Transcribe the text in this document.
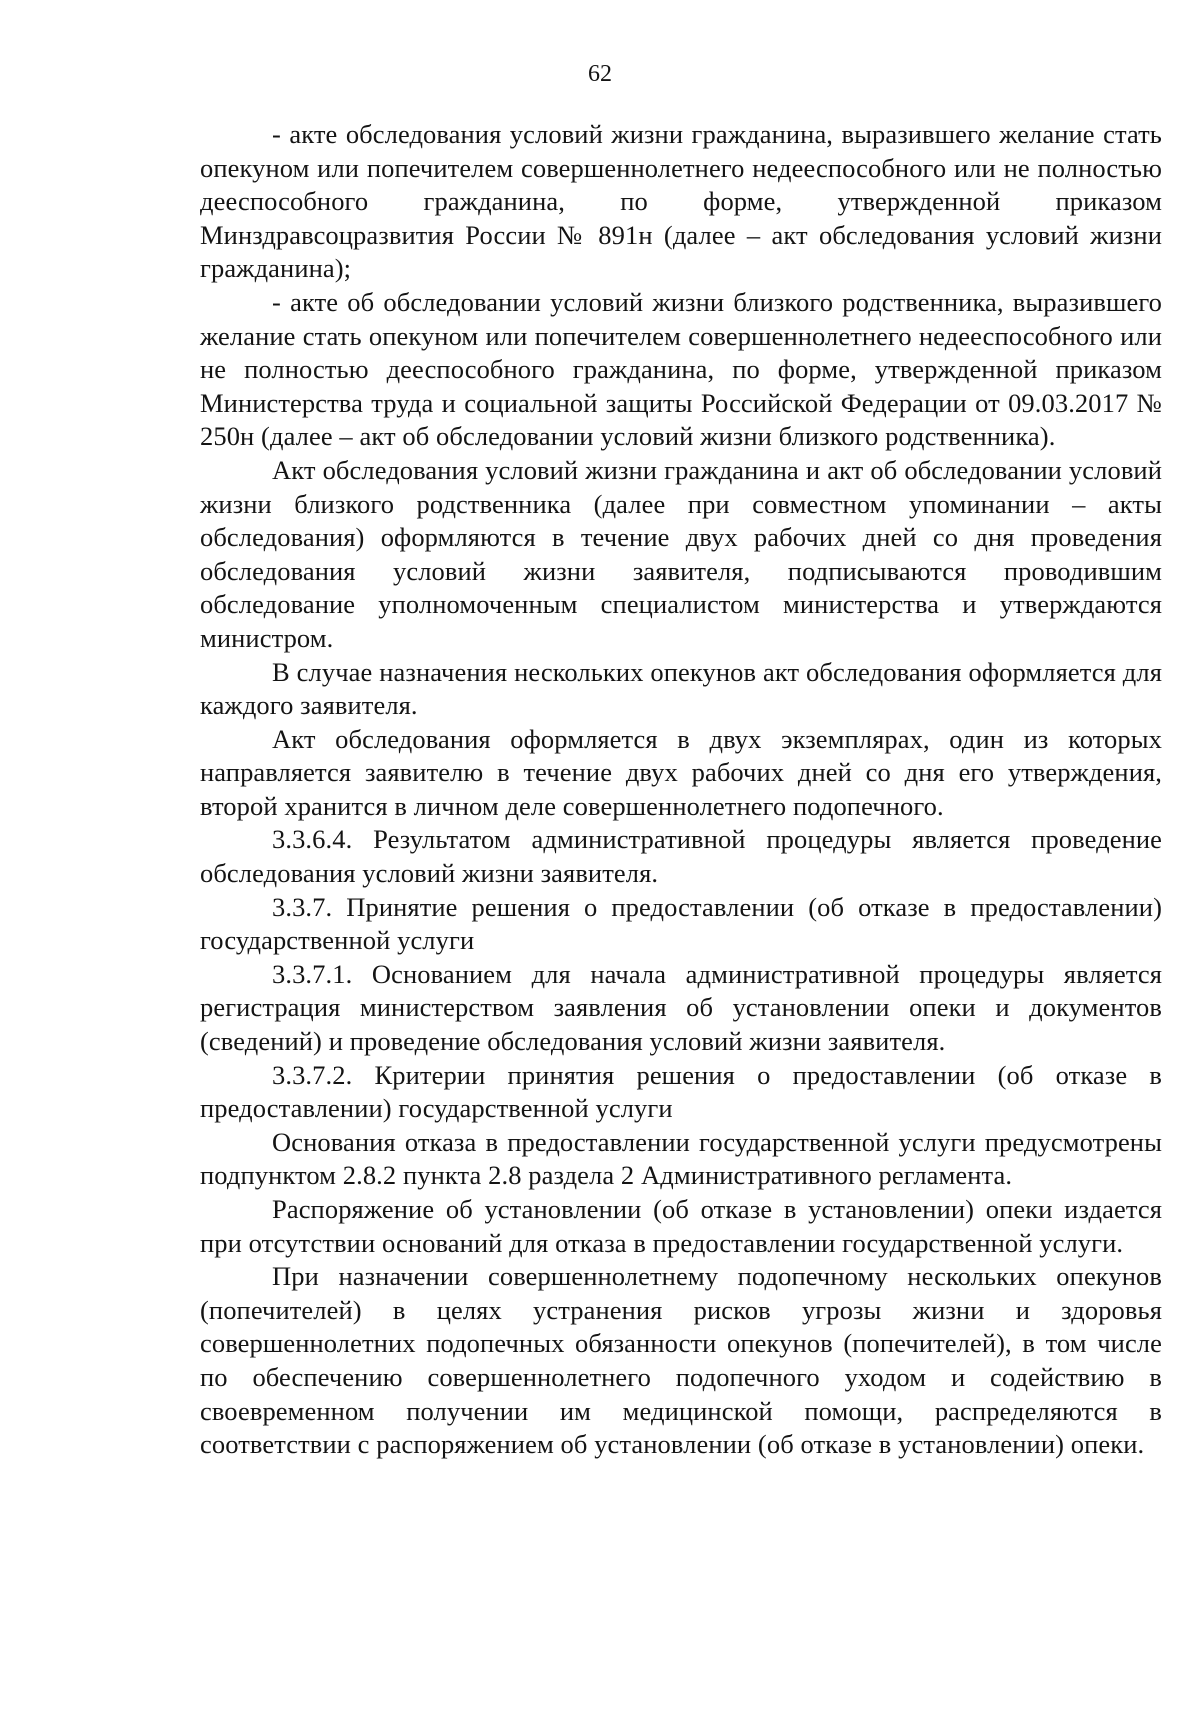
62

- акте обследования условий жизни гражданина, выразившего желание стать опекуном или попечителем совершеннолетнего недееспособного или не полностью дееспособного гражданина, по форме, утвержденной приказом Минздравсоцразвития России № 891н (далее – акт обследования условий жизни гражданина);

- акте об обследовании условий жизни близкого родственника, выразившего желание стать опекуном или попечителем совершеннолетнего недееспособного или не полностью дееспособного гражданина, по форме, утвержденной приказом Министерства труда и социальной защиты Российской Федерации от 09.03.2017 № 250н (далее – акт об обследовании условий жизни близкого родственника).

Акт обследования условий жизни гражданина и акт об обследовании условий жизни близкого родственника (далее при совместном упоминании – акты обследования) оформляются в течение двух рабочих дней со дня проведения обследования условий жизни заявителя, подписываются проводившим обследование уполномоченным специалистом министерства и утверждаются министром.

В случае назначения нескольких опекунов акт обследования оформляется для каждого заявителя.

Акт обследования оформляется в двух экземплярах, один из которых направляется заявителю в течение двух рабочих дней со дня его утверждения, второй хранится в личном деле совершеннолетнего подопечного.

3.3.6.4. Результатом административной процедуры является проведение обследования условий жизни заявителя.

3.3.7. Принятие решения о предоставлении (об отказе в предоставлении) государственной услуги

3.3.7.1. Основанием для начала административной процедуры является регистрация министерством заявления об установлении опеки и документов (сведений) и проведение обследования условий жизни заявителя.

3.3.7.2. Критерии принятия решения о предоставлении (об отказе в предоставлении) государственной услуги

Основания отказа в предоставлении государственной услуги предусмотрены подпунктом 2.8.2 пункта 2.8 раздела 2 Административного регламента.

Распоряжение об установлении (об отказе в установлении) опеки издается при отсутствии оснований для отказа в предоставлении государственной услуги.

При назначении совершеннолетнему подопечному нескольких опекунов (попечителей) в целях устранения рисков угрозы жизни и здоровья совершеннолетних подопечных обязанности опекунов (попечителей), в том числе по обеспечению совершеннолетнего подопечного уходом и содействию в своевременном получении им медицинской помощи, распределяются в соответствии с распоряжением об установлении (об отказе в установлении) опеки.
